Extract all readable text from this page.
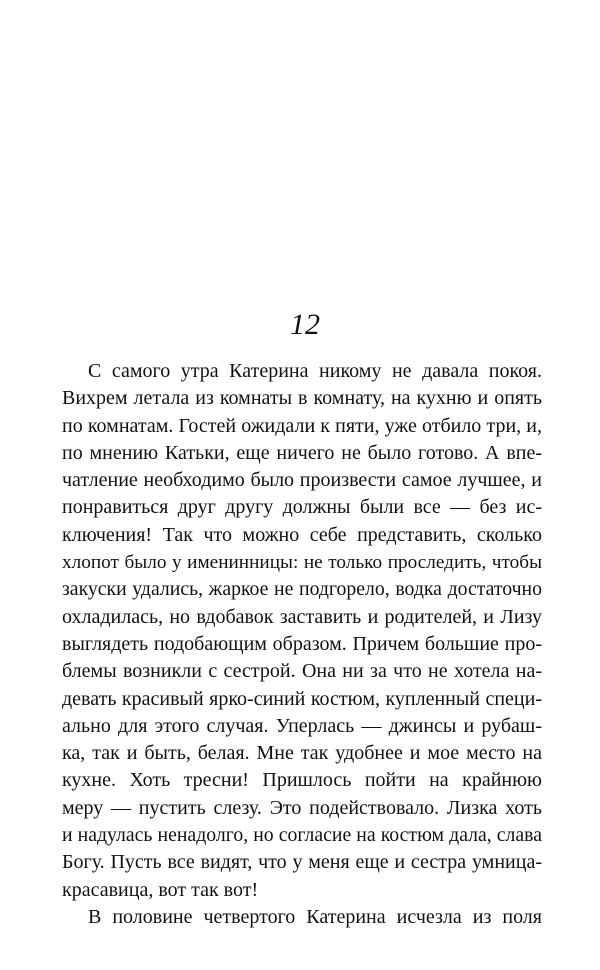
12
С самого утра Катерина никому не давала покоя.
Вихрем летала из комнаты в комнату, на кухню и опять
по комнатам. Гостей ожидали к пяти, уже отбило три, и,
по мнению Катьки, еще ничего не было готово. А впе-
чатление необходимо было произвести самое лучшее, и
понравиться друг другу должны были все — без ис-
ключения! Так что можно себе представить, сколько
хлопот было у именинницы: не только проследить, чтобы
закуски удались, жаркое не подгорело, водка достаточно
охладилась, но вдобавок заставить и родителей, и Лизу
выглядеть подобающим образом. Причем большие про-
блемы возникли с сестрой. Она ни за что не хотела на-
девать красивый ярко-синий костюм, купленный специ-
ально для этого случая. Уперлась — джинсы и рубаш-
ка, так и быть, белая. Мне так удобнее и мое место на
кухне. Хоть тресни! Пришлось пойти на крайнюю
меру — пустить слезу. Это подействовало. Лизка хоть
и надулась ненадолго, но согласие на костюм дала, слава
Богу. Пусть все видят, что у меня еще и сестра умница-
красавица, вот так вот!
В половине четвертого Катерина исчезла из поля
